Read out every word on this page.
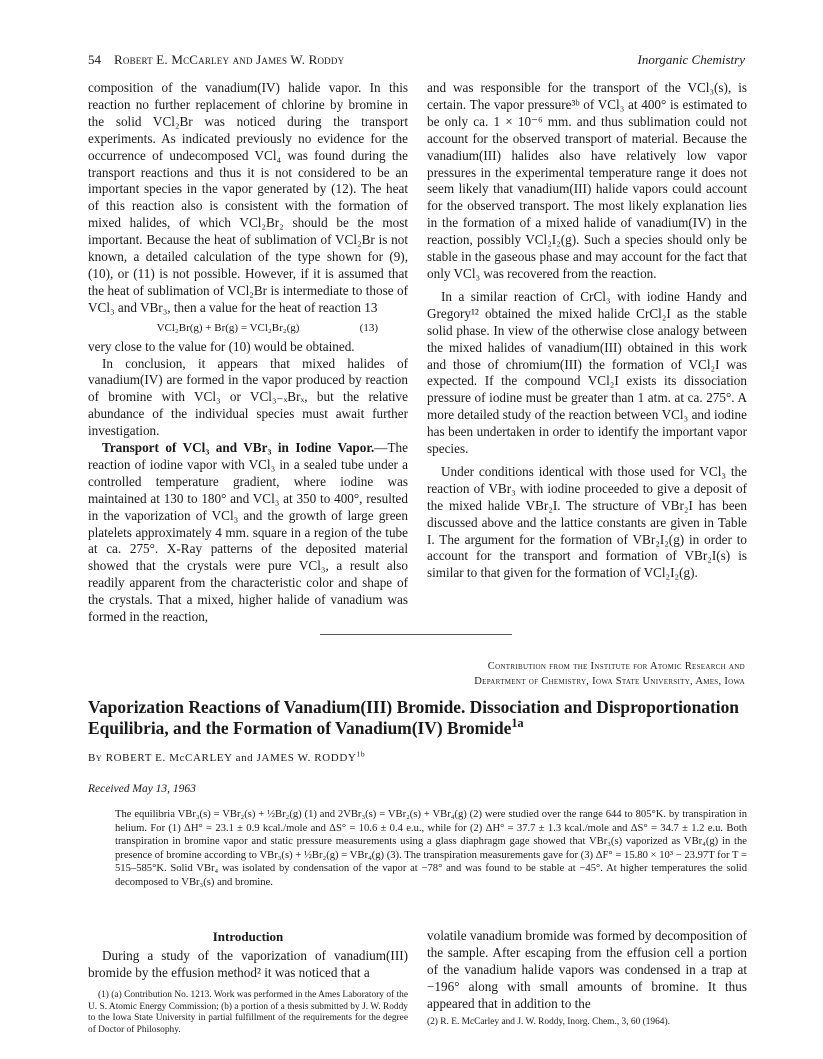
54 Robert E. McCarley and James W. Roddy	Inorganic Chemistry

composition of the vanadium(IV) halide vapor. In this reaction no further replacement of chlorine by bromine in the solid VCl₂Br was noticed during the transport experiments. As indicated previously no evidence for the occurrence of undecomposed VCl₄ was found during the transport reactions and thus it is not considered to be an important species in the vapor generated by (12). The heat of this reaction also is consistent with the formation of mixed halides, of which VCl₂Br₂ should be the most important. Because the heat of sublimation of VCl₂Br is not known, a detailed calculation of the type shown for (9), (10), or (11) is not possible. However, if it is assumed that the heat of sublimation of VCl₂Br is intermediate to those of VCl₃ and VBr₃, then a value for the heat of reaction 13

VCl₂Br(g) + Br(g) = VCl₂Br₂(g)	(13)

very close to the value for (10) would be obtained.

In conclusion, it appears that mixed halides of vanadium(IV) are formed in the vapor produced by reaction of bromine with VCl₃ or VCl₃₋ₓBrₓ, but the relative abundance of the individual species must await further investigation.

Transport of VCl₃ and VBr₃ in Iodine Vapor.—The reaction of iodine vapor with VCl₃ in a sealed tube under a controlled temperature gradient, where iodine was maintained at 130 to 180° and VCl₃ at 350 to 400°, resulted in the vaporization of VCl₃ and the growth of large green platelets approximately 4 mm. square in a region of the tube at ca. 275°. X-Ray patterns of the deposited material showed that the crystals were pure VCl₃, a result also readily apparent from the characteristic color and shape of the crystals. That a mixed, higher halide of vanadium was formed in the reaction,

and was responsible for the transport of the VCl₃(s), is certain. The vapor pressure³ᵇ of VCl₃ at 400° is estimated to be only ca. 1 × 10⁻⁶ mm. and thus sublimation could not account for the observed transport of material. Because the vanadium(III) halides also have relatively low vapor pressures in the experimental temperature range it does not seem likely that vanadium(III) halide vapors could account for the observed transport. The most likely explanation lies in the formation of a mixed halide of vanadium(IV) in the reaction, possibly VCl₂I₂(g). Such a species should only be stable in the gaseous phase and may account for the fact that only VCl₃ was recovered from the reaction.

In a similar reaction of CrCl₃ with iodine Handy and Gregory¹² obtained the mixed halide CrCl₂I as the stable solid phase. In view of the otherwise close analogy between the mixed halides of vanadium(III) obtained in this work and those of chromium(III) the formation of VCl₂I was expected. If the compound VCl₂I exists its dissociation pressure of iodine must be greater than 1 atm. at ca. 275°. A more detailed study of the reaction between VCl₃ and iodine has been undertaken in order to identify the important vapor species.

Under conditions identical with those used for VCl₃ the reaction of VBr₃ with iodine proceeded to give a deposit of the mixed halide VBr₂I. The structure of VBr₂I has been discussed above and the lattice constants are given in Table I. The argument for the formation of VBr₂I₂(g) in order to account for the transport and formation of VBr₂I(s) is similar to that given for the formation of VCl₂I₂(g).

Contribution from the Institute for Atomic Research and
Department of Chemistry, Iowa State University, Ames, Iowa
Vaporization Reactions of Vanadium(III) Bromide. Dissociation and Disproportionation Equilibria, and the Formation of Vanadium(IV) Bromide$^{1a}$
By ROBERT E. McCARLEY and JAMES W. $RODDY^{1b}$
Received May 13, 1963
The equilibria VBr₃(s) = VBr₂(s) + ½Br₂(g) (1) and 2VBr₃(s) = VBr₂(s) + VBr₄(g) (2) were studied over the range 644 to 805°K. by transpiration in helium. For (1) ΔH° = 23.1 ± 0.9 kcal./mole and ΔS° = 10.6 ± 0.4 e.u., while for (2) ΔH° = 37.7 ± 1.3 kcal./mole and ΔS° = 34.7 ± 1.2 e.u. Both transpiration in bromine vapor and static pressure measurements using a glass diaphragm gage showed that VBr₃(s) vaporized as VBr₄(g) in the presence of bromine according to VBr₃(s) + ½Br₂(g) = VBr₄(g) (3). The transpiration measurements gave for (3) ΔF° = 15.80 × 10³ − 23.97T for T = 515–585°K. Solid VBr₄ was isolated by condensation of the vapor at −78° and was found to be stable at −45°. At higher temperatures the solid decomposed to VBr₃(s) and bromine.
Introduction

During a study of the vaporization of vanadium(III) bromide by the effusion method² it was noticed that a

(1) (a) Contribution No. 1213. Work was performed in the Ames Laboratory of the U. S. Atomic Energy Commission; (b) a portion of a thesis submitted by J. W. Roddy to the Iowa State University in partial fulfillment of the requirements for the degree of Doctor of Philosophy.

volatile vanadium bromide was formed by decomposition of the sample. After escaping from the effusion cell a portion of the vanadium halide vapors was condensed in a trap at −196° along with small amounts of bromine. It thus appeared that in addition to the

(2) R. E. McCarley and J. W. Roddy, Inorg. Chem., 3, 60 (1964).
